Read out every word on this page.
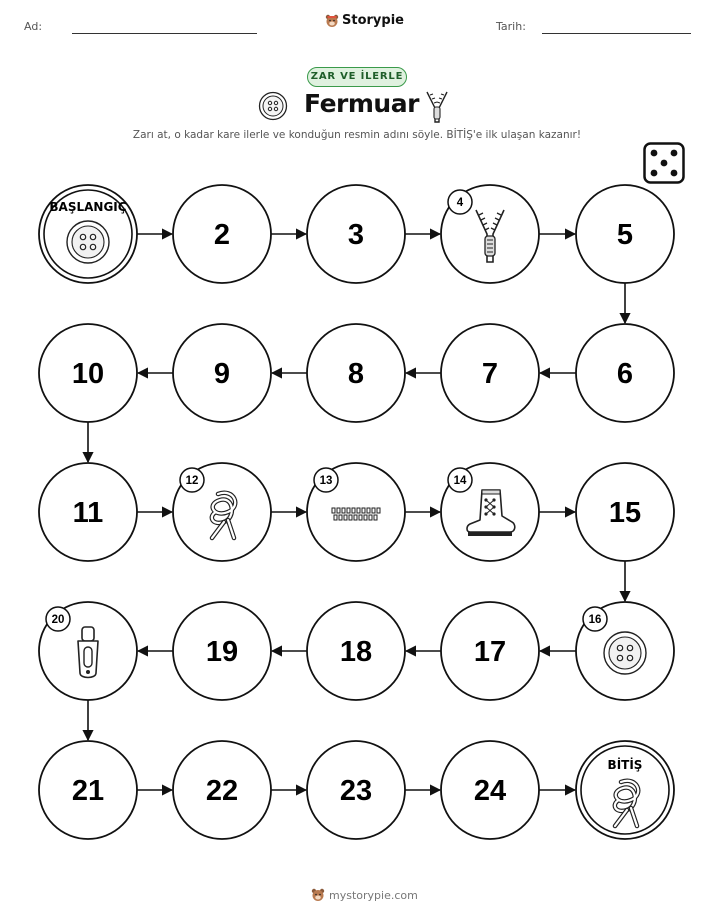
Ad:	Storypie	Tarih:
ZAR VE İLERLE
Fermuar
Zarı at, o kadar kare ilerle ve konduğun resmin adını söyle. BİTİŞ'e ilk ulaşan kazanır!
BAŞLANGIÇ
2	3
4
5
6
7
8
9
10
11
12	13	14
15
16
17
18
19
20
21	22	23	24
BİTİŞ
mystorypie.com
